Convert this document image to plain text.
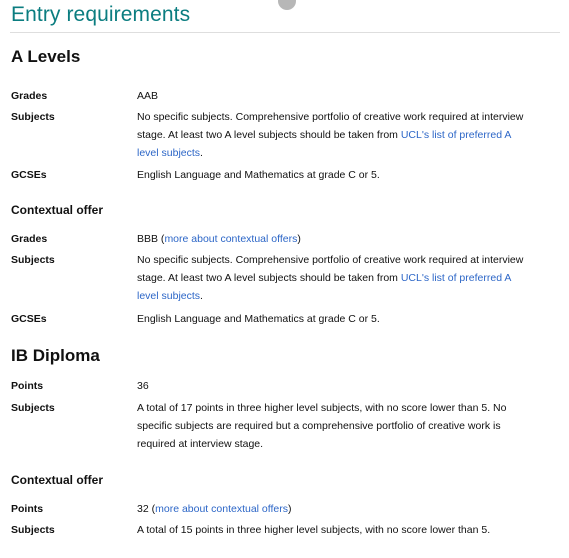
Entry requirements
A Levels
Grades	AAB
Subjects	No specific subjects. Comprehensive portfolio of creative work required at interview stage. At least two A level subjects should be taken from UCL's list of preferred A level subjects.
GCSEs	English Language and Mathematics at grade C or 5.
Contextual offer
Grades	BBB (more about contextual offers)
Subjects	No specific subjects. Comprehensive portfolio of creative work required at interview stage. At least two A level subjects should be taken from UCL's list of preferred A level subjects.
GCSEs	English Language and Mathematics at grade C or 5.
IB Diploma
Points	36
Subjects	A total of 17 points in three higher level subjects, with no score lower than 5. No specific subjects are required but a comprehensive portfolio of creative work is required at interview stage.
Contextual offer
Points	32 (more about contextual offers)
Subjects	A total of 15 points in three higher level subjects, with no score lower than 5.
